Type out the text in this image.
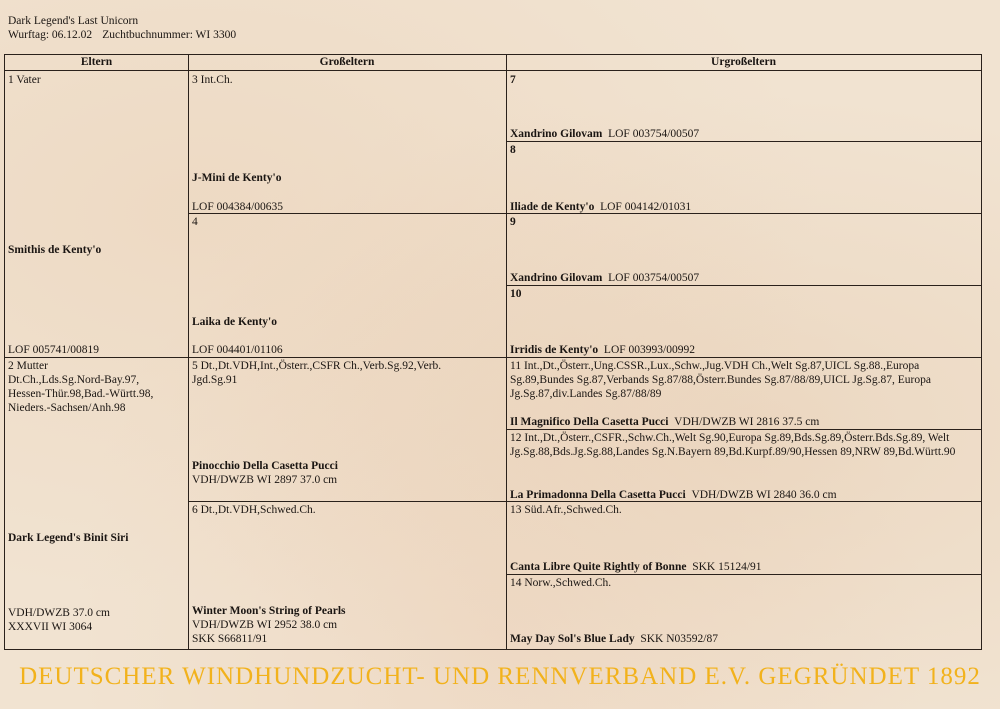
Dark Legend's Last Unicorn
Wurftag: 06.12.02 Zuchtbuchnummer: WI 3300
Eltern	Großeltern	Urgroßeltern
1 Vater
Smithis de Kenty'o
LOF 005741/00819
2 Mutter
Dt.Ch.,Lds.Sg.Nord-Bay.97,
Hessen-Thür.98,Bad.-Württ.98,
Nieders.-Sachsen/Anh.98
Dark Legend's Binit Siri
VDH/DWZB 37.0 cm
XXXVII WI 3064
3 Int.Ch.
J-Mini de Kenty'o
LOF 004384/00635
4
Laika de Kenty'o
LOF 004401/01106
5 Dt.,Dt.VDH,Int.,Österr.,CSFR Ch.,Verb.Sg.92,Verb.
Jgd.Sg.91
Pinocchio Della Casetta Pucci
VDH/DWZB WI 2897 37.0 cm
6 Dt.,Dt.VDH,Schwed.Ch.
Winter Moon's String of Pearls
VDH/DWZB WI 2952 38.0 cm
SKK S66811/91
7
Xandrino Gilovam LOF 003754/00507
8
Iliade de Kenty'o LOF 004142/01031
9
Xandrino Gilovam LOF 003754/00507
10
Irridis de Kenty'o LOF 003993/00992
11 Int.,Dt.,Österr.,Ung.CSSR.,Lux.,Schw.,Jug.VDH Ch.,Welt Sg.87,UICL Sg.88.,Europa Sg.89,Bundes Sg.87,Verbands Sg.87/88,Österr.Bundes Sg.87/88/89,UICL Jg.Sg.87, Europa Jg.Sg.87,div.Landes Sg.87/88/89
Il Magnifico Della Casetta Pucci VDH/DWZB WI 2816 37.5 cm
12 Int.,Dt.,Österr.,CSFR.,Schw.Ch.,Welt Sg.90,Europa Sg.89,Bds.Sg.89,Österr.Bds.Sg.89, Welt Jg.Sg.88,Bds.Jg.Sg.88,Landes Sg.N.Bayern 89,Bd.Kurpf.89/90,Hessen 89,NRW 89,Bd.Württ.90
La Primadonna Della Casetta Pucci VDH/DWZB WI 2840 36.0 cm
13 Süd.Afr.,Schwed.Ch.
Canta Libre Quite Rightly of Bonne SKK 15124/91
14 Norw.,Schwed.Ch.
May Day Sol's Blue Lady SKK N03592/87
DEUTSCHER WINDHUNDZUCHT- UND RENNVERBAND E.V. GEGRÜNDET 1892
